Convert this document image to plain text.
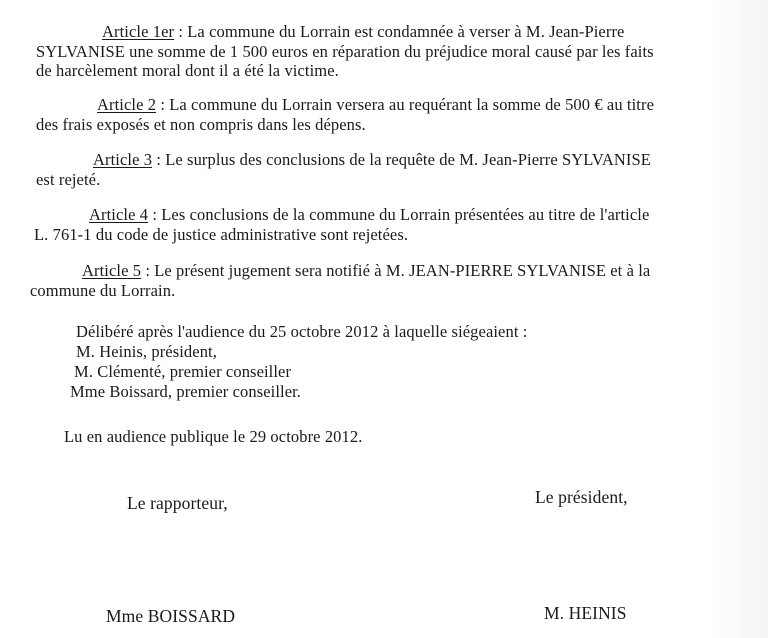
Article 1er : La commune du Lorrain est condamnée à verser à M. Jean-Pierre
SYLVANISE une somme de 1 500 euros en réparation du préjudice moral causé par les faits
de harcèlement moral dont il a été la victime.
Article 2 : La commune du Lorrain versera au requérant la somme de 500 € au titre
des frais exposés et non compris dans les dépens.
Article 3 : Le surplus des conclusions de la requête de M. Jean-Pierre SYLVANISE
est rejeté.
Article 4 : Les conclusions de la commune du Lorrain présentées au titre de l'article
L. 761-1 du code de justice administrative sont rejetées.
Article 5 : Le présent jugement sera notifié à M. JEAN-PIERRE SYLVANISE et à la
commune du Lorrain.
Délibéré après l'audience du 25 octobre 2012 à laquelle siégeaient :
M. Heinis, président,
M. Clémenté, premier conseiller
Mme Boissard, premier conseiller.
Lu en audience publique le 29 octobre 2012.
Le rapporteur,	Le président,
Mme BOISSARD	M. HEINIS
